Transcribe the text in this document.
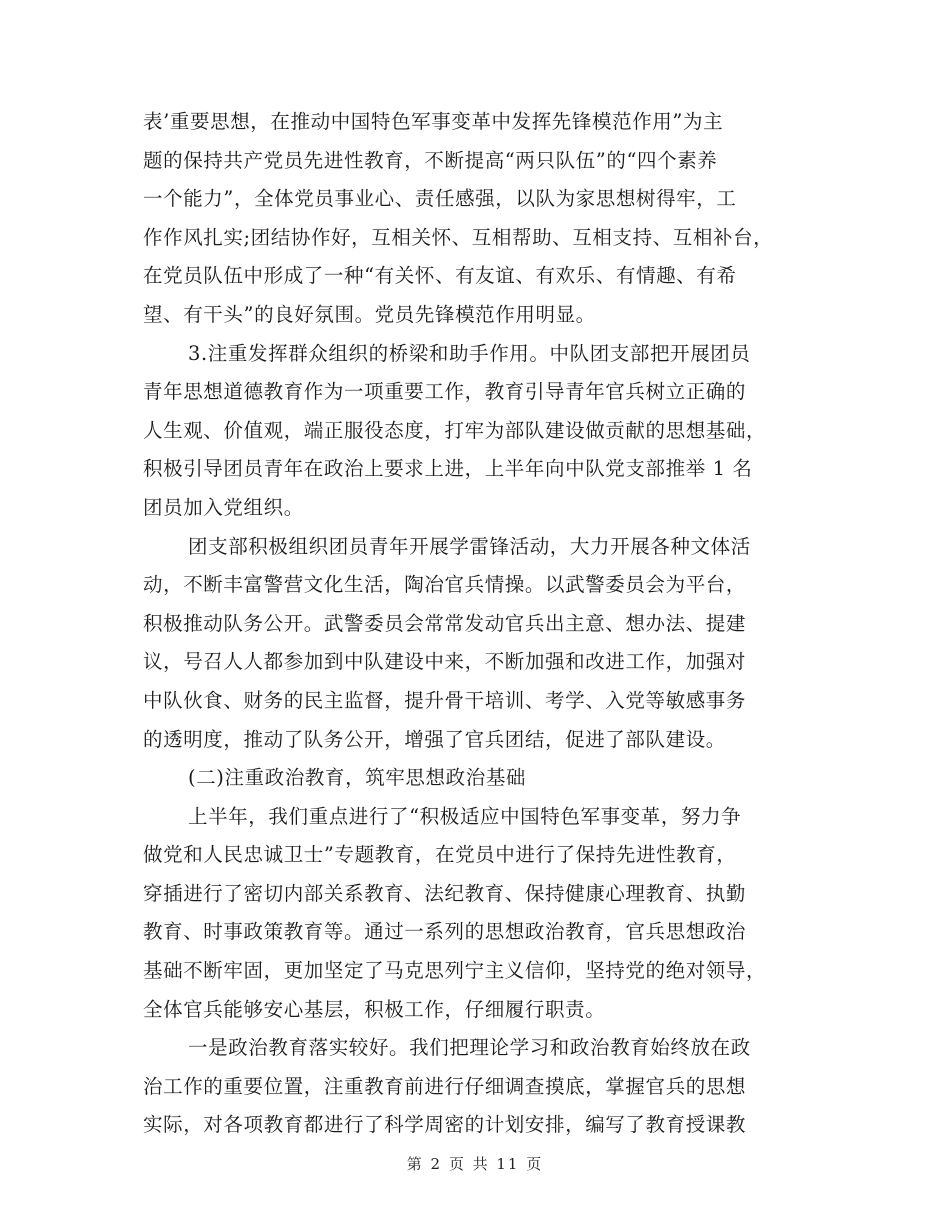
表’重要思想，在推动中国特色军事变革中发挥先锋模范作用”为主
题的保持共产党员先进性教育，不断提高“两只队伍”的“四个素养
一个能力”，全体党员事业心、责任感强，以队为家思想树得牢，工
作作风扎实;团结协作好，互相关怀、互相帮助、互相支持、互相补台，
在党员队伍中形成了一种“有关怀、有友谊、有欢乐、有情趣、有希
望、有干头”的良好氛围。党员先锋模范作用明显。
3.注重发挥群众组织的桥梁和助手作用。中队团支部把开展团员
青年思想道德教育作为一项重要工作，教育引导青年官兵树立正确的
人生观、价值观，端正服役态度，打牢为部队建设做贡献的思想基础，
积极引导团员青年在政治上要求上进，上半年向中队党支部推举 1 名
团员加入党组织。
团支部积极组织团员青年开展学雷锋活动，大力开展各种文体活
动，不断丰富警营文化生活，陶冶官兵情操。以武警委员会为平台，
积极推动队务公开。武警委员会常常发动官兵出主意、想办法、提建
议，号召人人都参加到中队建设中来，不断加强和改进工作，加强对
中队伙食、财务的民主监督，提升骨干培训、考学、入党等敏感事务
的透明度，推动了队务公开，增强了官兵团结，促进了部队建设。
(二)注重政治教育，筑牢思想政治基础
上半年，我们重点进行了“积极适应中国特色军事变革，努力争
做党和人民忠诚卫士”专题教育，在党员中进行了保持先进性教育，
穿插进行了密切内部关系教育、法纪教育、保持健康心理教育、执勤
教育、时事政策教育等。通过一系列的思想政治教育，官兵思想政治
基础不断牢固，更加坚定了马克思列宁主义信仰，坚持党的绝对领导，
全体官兵能够安心基层，积极工作，仔细履行职责。
一是政治教育落实较好。我们把理论学习和政治教育始终放在政
治工作的重要位置，注重教育前进行仔细调查摸底，掌握官兵的思想
实际，对各项教育都进行了科学周密的计划安排，编写了教育授课教
第 2 页 共 11 页
